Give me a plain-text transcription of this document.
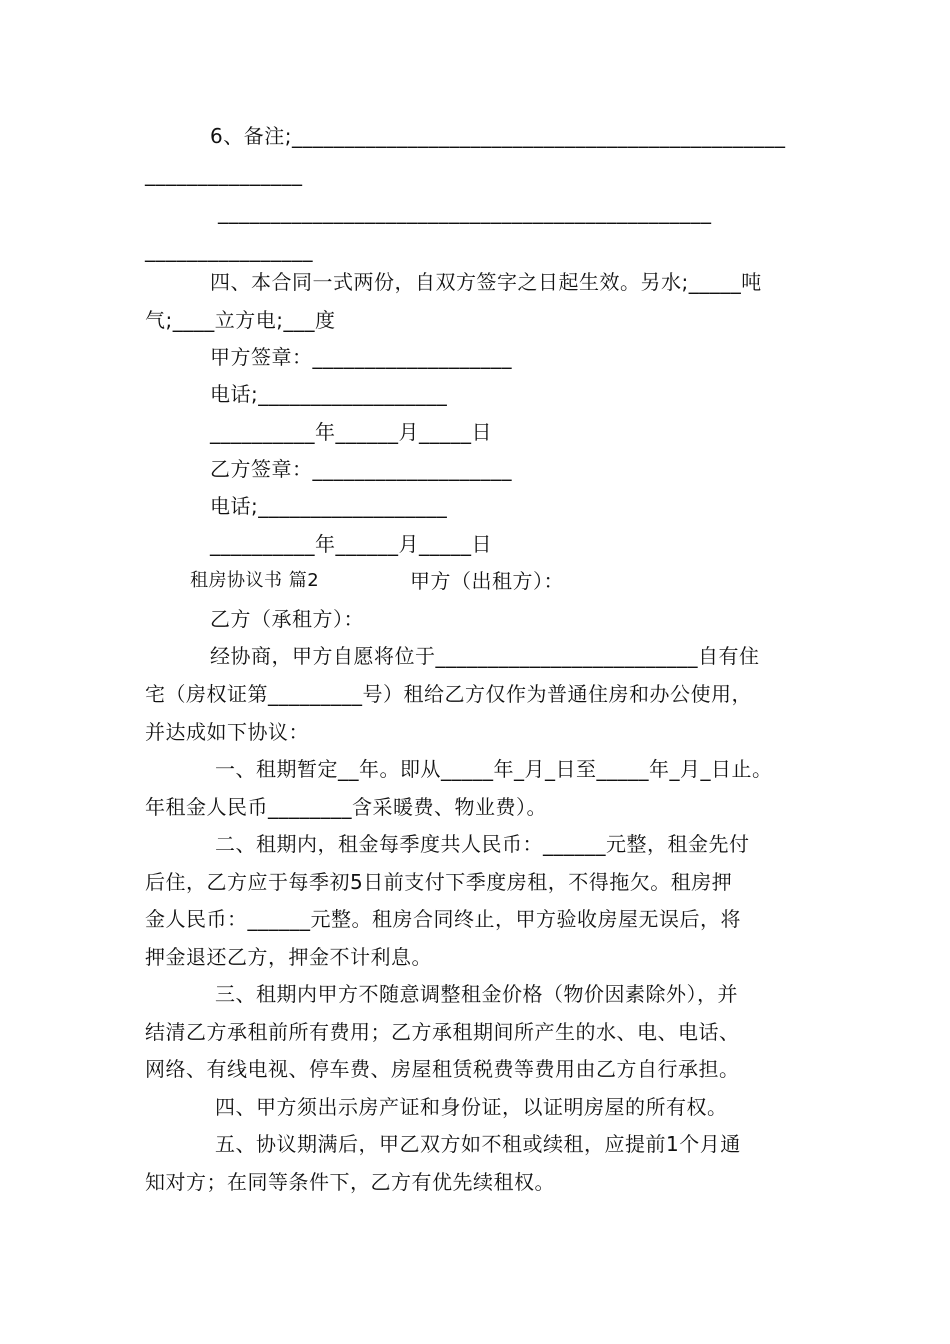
6、备注;_______________________________________________
_______________
_______________________________________________
________________
四、本合同一式两份，自双方签字之日起生效。另水;_____吨
气;____立方电;___度
甲方签章：___________________
电话;__________________
__________年______月_____日
乙方签章：___________________
电话;__________________
__________年______月_____日
租房协议书 篇2	甲方（出租方）：
乙方（承租方）：
经协商，甲方自愿将位于_________________________自有住
宅（房权证第_________号）租给乙方仅作为普通住房和办公使用，
并达成如下协议：
一、租期暂定__年。即从_____年_月_日至_____年_月_日止。
年租金人民币________含采暖费、物业费）。
二、租期内，租金每季度共人民币：______元整，租金先付
后住，乙方应于每季初5日前支付下季度房租，不得拖欠。租房押
金人民币：______元整。租房合同终止，甲方验收房屋无误后，将
押金退还乙方，押金不计利息。
三、租期内甲方不随意调整租金价格（物价因素除外），并
结清乙方承租前所有费用；乙方承租期间所产生的水、电、电话、
网络、有线电视、停车费、房屋租赁税费等费用由乙方自行承担。
四、甲方须出示房产证和身份证，以证明房屋的所有权。
五、协议期满后，甲乙双方如不租或续租，应提前1个月通
知对方；在同等条件下，乙方有优先续租权。
